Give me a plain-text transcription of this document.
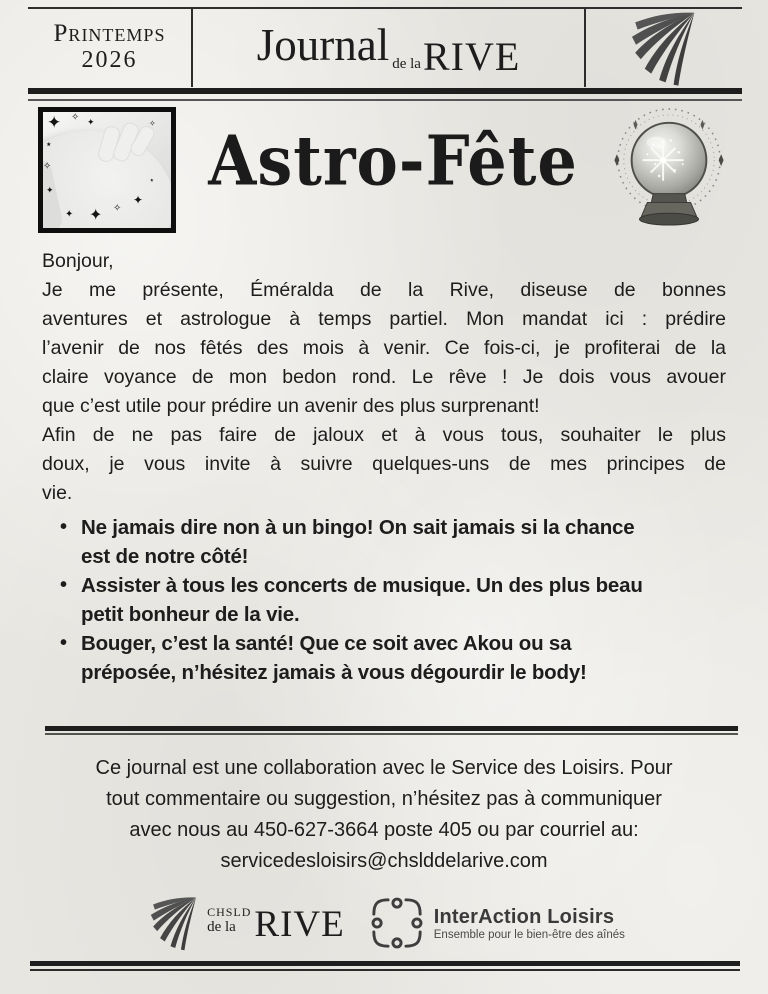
Printemps
2026	Journal de la RIVE
✦ ✧ ✦
⋆
✧
✦
✦ ✦ ✧
✦
⋆
✧ Astro-Fête
Bonjour,
Je me présente, Éméralda de la Rive, diseuse de bonnes
aventures et astrologue à temps partiel. Mon mandat ici : prédire
l’avenir de nos fêtés des mois à venir. Ce fois-ci, je profiterai de la
claire voyance de mon bedon rond. Le rêve ! Je dois vous avouer
que c’est utile pour prédire un avenir des plus surprenant!
Afin de ne pas faire de jaloux et à vous tous, souhaiter le plus
doux, je vous invite à suivre quelques-uns de mes principes de
vie.
• Ne jamais dire non à un bingo! On sait jamais si la chance
est de notre côté!
• Assister à tous les concerts de musique. Un des plus beau
petit bonheur de la vie.
• Bouger, c’est la santé! Que ce soit avec Akou ou sa
préposée, n’hésitez jamais à vous dégourdir le body!
Ce journal est une collaboration avec le Service des Loisirs. Pour
tout commentaire ou suggestion, n’hésitez pas à communiquer
avec nous au 450-627-3664 poste 405 ou par courriel au:
servicedesloisirs@chslddelarive.com
CHSLD
de la RIVE	InterAction Loisirs
Ensemble pour le bien-être des aînés
